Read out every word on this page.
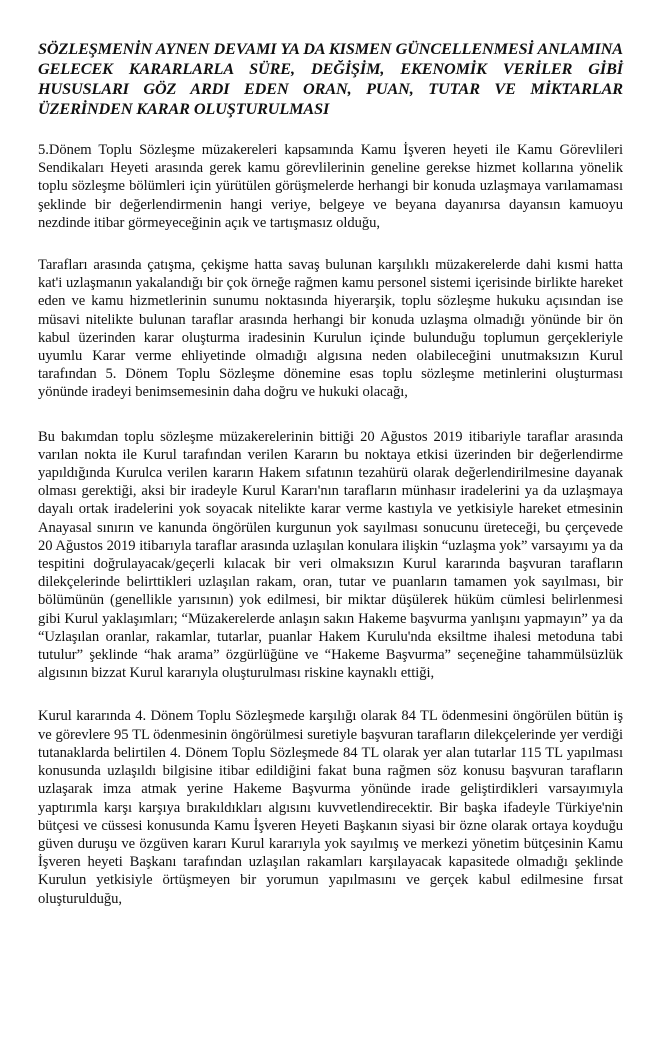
SÖZLEŞMENİN AYNEN DEVAMI YA DA KISMEN GÜNCELLENMESİ ANLAMINA GELECEK KARARLARLA SÜRE, DEĞİŞİM, EKENOMİK VERİLER GİBİ HUSUSLARI GÖZ ARDI EDEN ORAN, PUAN, TUTAR VE MİKTARLAR ÜZERİNDEN KARAR OLUŞTURULMASI

5.Dönem Toplu Sözleşme müzakereleri kapsamında Kamu İşveren heyeti ile Kamu Görevlileri Sendikaları Heyeti arasında gerek kamu görevlilerinin geneline gerekse hizmet kollarına yönelik toplu sözleşme bölümleri için yürütülen görüşmelerde herhangi bir konuda uzlaşmaya varılamaması şeklinde bir değerlendirmenin hangi veriye, belgeye ve beyana dayanırsa dayansın kamuoyu nezdinde itibar görmeyeceğinin açık ve tartışmasız olduğu,

Tarafları arasında çatışma, çekişme hatta savaş bulunan karşılıklı müzakerelerde dahi kısmi hatta kat'i uzlaşmanın yakalandığı bir çok örneğe rağmen kamu personel sistemi içerisinde birlikte hareket eden ve kamu hizmetlerinin sunumu noktasında hiyerarşik, toplu sözleşme hukuku açısından ise müsavi nitelikte bulunan taraflar arasında herhangi bir konuda uzlaşma olmadığı yönünde bir ön kabul üzerinden karar oluşturma iradesinin Kurulun içinde bulunduğu toplumun gerçekleriyle uyumlu Karar verme ehliyetinde olmadığı algısına neden olabileceğini unutmaksızın Kurul tarafından 5. Dönem Toplu Sözleşme dönemine esas toplu sözleşme metinlerini oluşturması yönünde iradeyi benimsemesinin daha doğru ve hukuki olacağı,

Bu bakımdan toplu sözleşme müzakerelerinin bittiği 20 Ağustos 2019 itibariyle taraflar arasında varılan nokta ile Kurul tarafından verilen Kararın bu noktaya etkisi üzerinden bir değerlendirme yapıldığında Kurulca verilen kararın Hakem sıfatının tezahürü olarak değerlendirilmesine dayanak olması gerektiği, aksi bir iradeyle Kurul Kararı'nın tarafların münhasır iradelerini ya da uzlaşmaya dayalı ortak iradelerini yok soyacak nitelikte karar verme kastıyla ve yetkisiyle hareket etmesinin Anayasal sınırın ve kanunda öngörülen kurgunun yok sayılması sonucunu üreteceği, bu çerçevede 20 Ağustos 2019 itibarıyla taraflar arasında uzlaşılan konulara ilişkin “uzlaşma yok” varsayımı ya da tespitini doğrulayacak/geçerli kılacak bir veri olmaksızın Kurul kararında başvuran tarafların dilekçelerinde belirttikleri uzlaşılan rakam, oran, tutar ve puanların tamamen yok sayılması, bir bölümünün (genellikle yarısının) yok edilmesi, bir miktar düşülerek hüküm cümlesi belirlenmesi gibi Kurul yaklaşımları; “Müzakerelerde anlaşın sakın Hakeme başvurma yanlışını yapmayın” ya da “Uzlaşılan oranlar, rakamlar, tutarlar, puanlar Hakem Kurulu'nda eksiltme ihalesi metoduna tabi tutulur” şeklinde “hak arama” özgürlüğüne ve “Hakeme Başvurma” seçeneğine tahammülsüzlük algısının bizzat Kurul kararıyla oluşturulması riskine kaynaklı ettiği,

Kurul kararında 4. Dönem Toplu Sözleşmede karşılığı olarak 84 TL ödenmesini öngörülen bütün iş ve görevlere 95 TL ödenmesinin öngörülmesi suretiyle başvuran tarafların dilekçelerinde yer verdiği tutanaklarda belirtilen 4. Dönem Toplu Sözleşmede 84 TL olarak yer alan tutarlar 115 TL yapılması konusunda uzlaşıldı bilgisine itibar edildiğini fakat buna rağmen söz konusu başvuran tarafların uzlaşarak imza atmak yerine Hakeme Başvurma yönünde irade geliştirdikleri varsayımıyla yaptırımla karşı karşıya bırakıldıkları algısını kuvvetlendirecektir. Bir başka ifadeyle Türkiye'nin bütçesi ve cüssesi konusunda Kamu İşveren Heyeti Başkanın siyasi bir özne olarak ortaya koyduğu güven duruşu ve özgüven kararı Kurul kararıyla yok sayılmış ve merkezi yönetim bütçesinin Kamu İşveren heyeti Başkanı tarafından uzlaşılan rakamları karşılayacak kapasitede olmadığı şeklinde Kurulun yetkisiyle örtüşmeyen bir yorumun yapılmasını ve gerçek kabul edilmesine fırsat oluşturulduğu,
